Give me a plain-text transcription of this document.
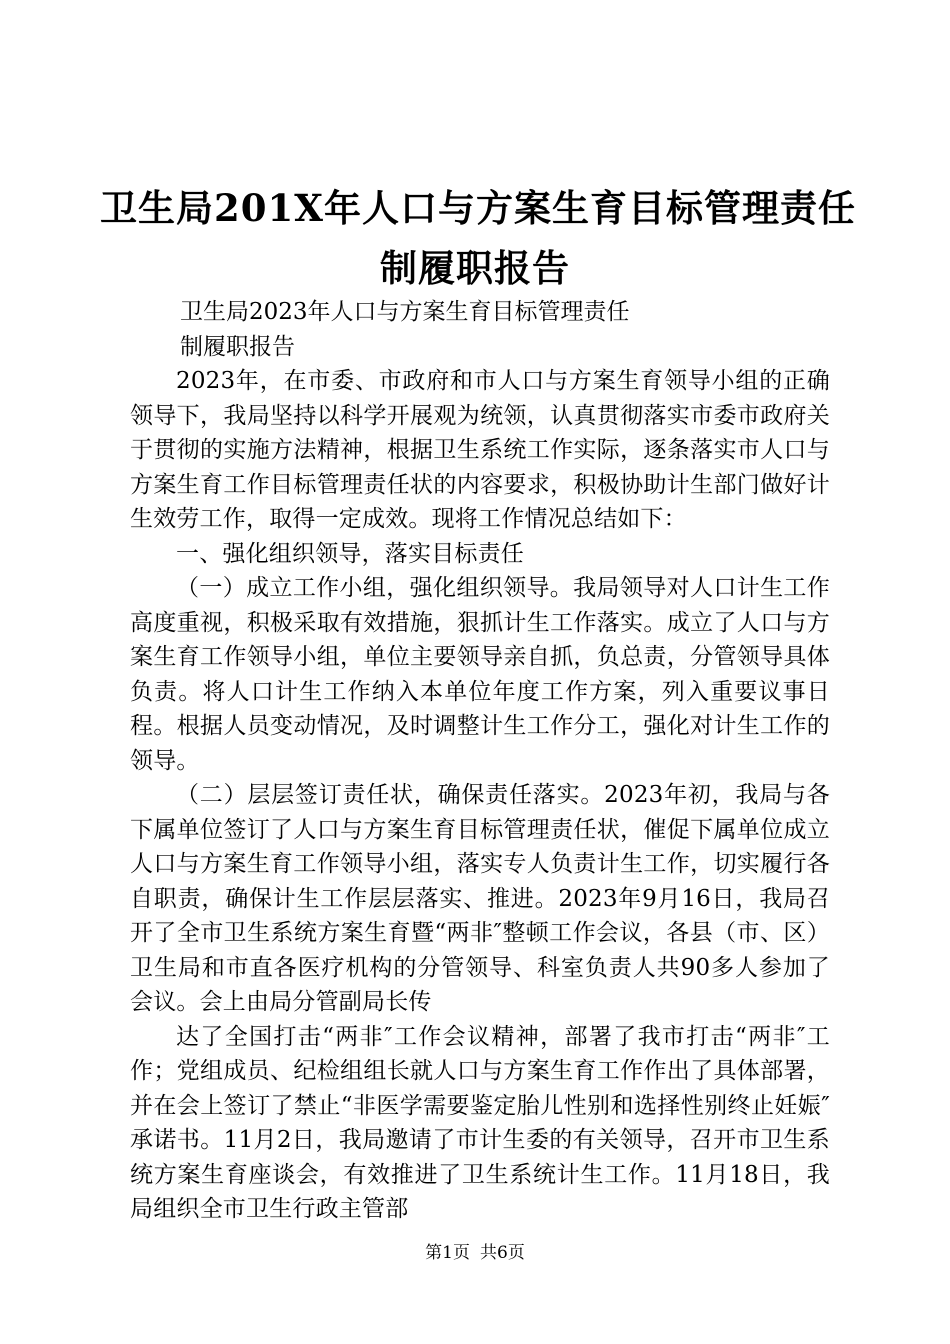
卫生局201X年人口与方案生育目标管理责任
制履职报告

卫生局2023年人口与方案生育目标管理责任

制履职报告

2023年，在市委、市政府和市人口与方案生育领导小组的正确领导下，我局坚持以科学开展观为统领，认真贯彻落实市委市政府关于贯彻的实施方法精神，根据卫生系统工作实际，逐条落实市人口与方案生育工作目标管理责任状的内容要求，积极协助计生部门做好计生效劳工作，取得一定成效。现将工作情况总结如下：

一、强化组织领导，落实目标责任

（一）成立工作小组，强化组织领导。我局领导对人口计生工作高度重视，积极采取有效措施，狠抓计生工作落实。成立了人口与方案生育工作领导小组，单位主要领导亲自抓，负总责，分管领导具体负责。将人口计生工作纳入本单位年度工作方案，列入重要议事日程。根据人员变动情况，及时调整计生工作分工，强化对计生工作的领导。

（二）层层签订责任状，确保责任落实。2023年初，我局与各下属单位签订了人口与方案生育目标管理责任状，催促下属单位成立人口与方案生育工作领导小组，落实专人负责计生工作，切实履行各自职责，确保计生工作层层落实、推进。2023年9月16日，我局召开了全市卫生系统方案生育暨“两非″整顿工作会议，各县（市、区）卫生局和市直各医疗机构的分管领导、科室负责人共90多人参加了会议。会上由局分管副局长传

达了全国打击“两非″工作会议精神，部署了我市打击“两非″工作；党组成员、纪检组组长就人口与方案生育工作作出了具体部署，并在会上签订了禁止“非医学需要鉴定胎儿性别和选择性别终止妊娠″承诺书。11月2日，我局邀请了市计生委的有关领导，召开市卫生系统方案生育座谈会，有效推进了卫生系统计生工作。11月18日，我局组织全市卫生行政主管部

第1页 共6页
